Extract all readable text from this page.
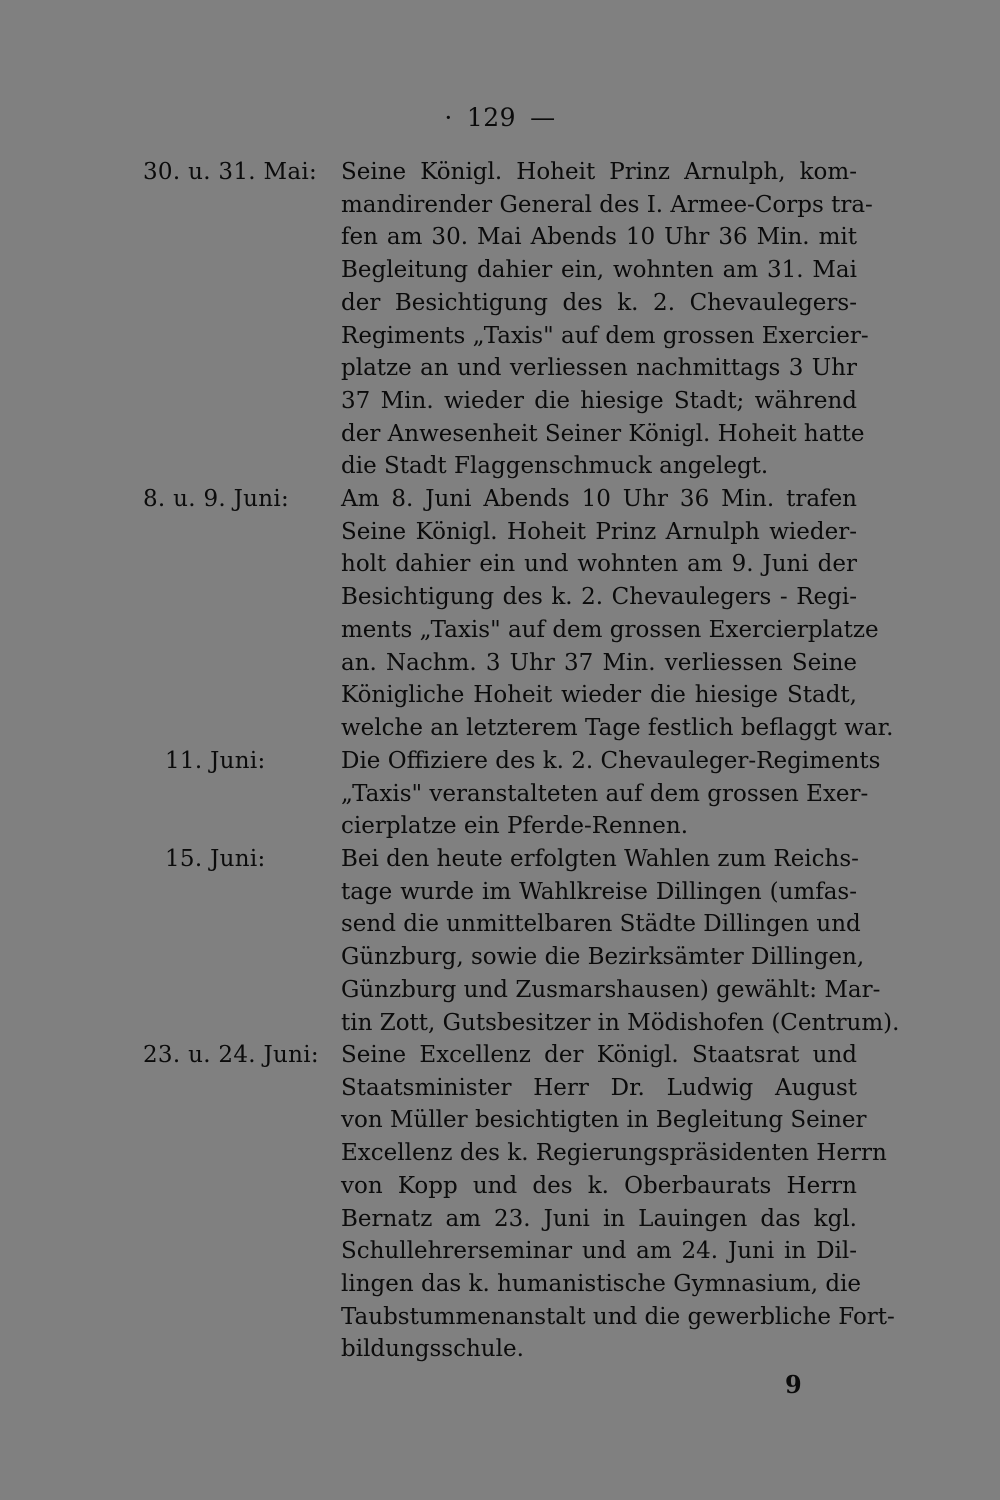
· 129 —
30. u. 31. Mai: Seine Königl. Hoheit Prinz Arnulph, kom-
mandirender General des I. Armee-Corps tra-
fen am 30. Mai Abends 10 Uhr 36 Min. mit
Begleitung dahier ein, wohnten am 31. Mai
der Besichtigung des k. 2. Chevaulegers-
Regiments „Taxis" auf dem grossen Exercier-
platze an und verliessen nachmittags 3 Uhr
37 Min. wieder die hiesige Stadt; während
der Anwesenheit Seiner Königl. Hoheit hatte
die Stadt Flaggenschmuck angelegt.
8. u. 9. Juni: Am 8. Juni Abends 10 Uhr 36 Min. trafen
Seine Königl. Hoheit Prinz Arnulph wieder-
holt dahier ein und wohnten am 9. Juni der
Besichtigung des k. 2. Chevaulegers - Regi-
ments „Taxis" auf dem grossen Exercierplatze
an. Nachm. 3 Uhr 37 Min. verliessen Seine
Königliche Hoheit wieder die hiesige Stadt,
welche an letzterem Tage festlich beflaggt war.
11. Juni:	Die Offiziere des k. 2. Chevauleger-Regiments
„Taxis" veranstalteten auf dem grossen Exer-
cierplatze ein Pferde-Rennen.
15. Juni:	Bei den heute erfolgten Wahlen zum Reichs-
tage wurde im Wahlkreise Dillingen (umfas-
send die unmittelbaren Städte Dillingen und
Günzburg, sowie die Bezirksämter Dillingen,
Günzburg und Zusmarshausen) gewählt: Mar-
tin Zott, Gutsbesitzer in Mödishofen (Centrum).
23. u. 24. Juni: Seine Excellenz der Königl. Staatsrat und
Staatsminister Herr Dr. Ludwig August
von Müller besichtigten in Begleitung Seiner
Excellenz des k. Regierungspräsidenten Herrn
von Kopp und des k. Oberbaurats Herrn
Bernatz am 23. Juni in Lauingen das kgl.
Schullehrerseminar und am 24. Juni in Dil-
lingen das k. humanistische Gymnasium, die
Taubstummenanstalt und die gewerbliche Fort-
bildungsschule.
9
